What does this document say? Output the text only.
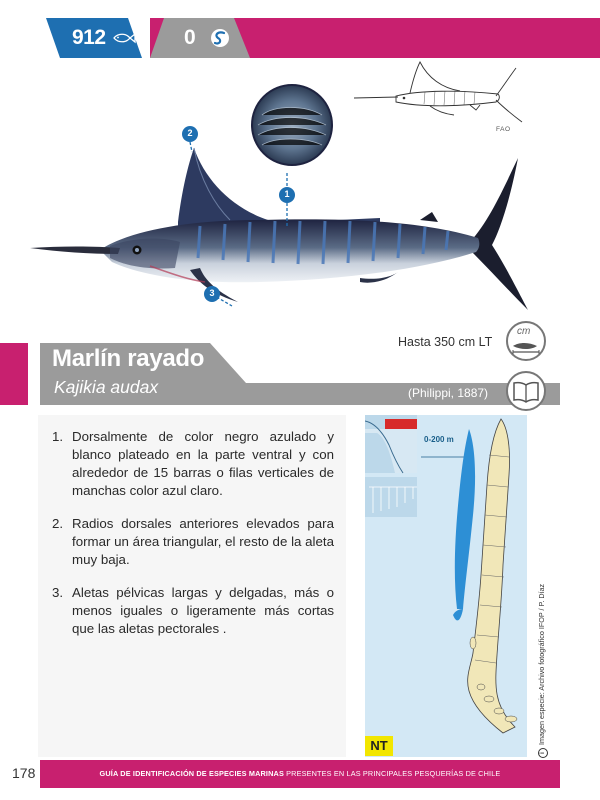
912	0
2
1
3
FAO
Hasta 350 cm LT
cm
Marlín rayado
Kajikia audax	(Philippi, 1887)
1. Dorsalmente de color negro azulado y blanco plateado en la parte ventral y con alrededor de 15 barras o filas verticales de manchas color azul claro.
2. Radios dorsales anteriores elevados para formar un área triangular, el resto de la aleta muy baja.
3. Aletas pélvicas largas y delgadas, más o menos iguales o ligeramente más cortas que las aletas pectorales .
0-200 m
NT
iImagen especie: Archivo fotográfico IFOP / P. Díaz
GUÍA DE IDENTIFICACIÓN DE ESPECIES MARINAS PRESENTES EN LAS PRINCIPALES PESQUERÍAS DE CHILE
178
